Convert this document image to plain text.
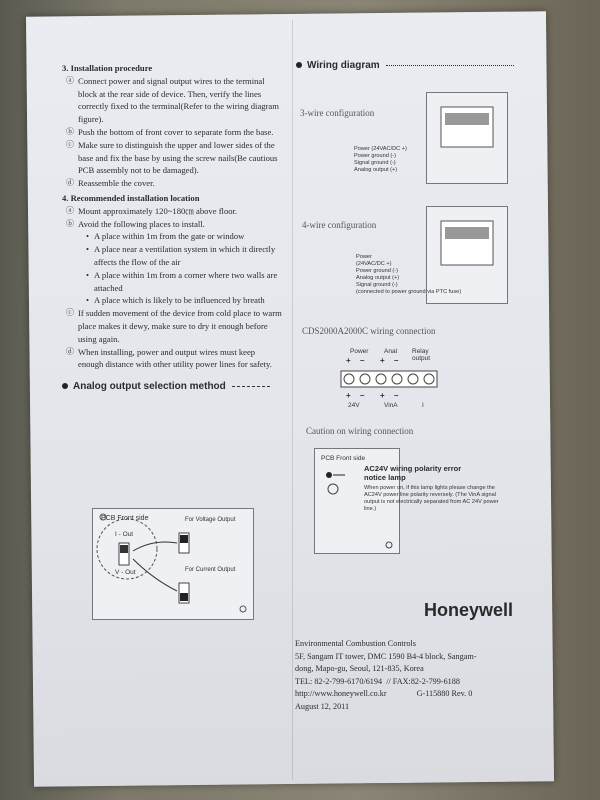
3. Installation procedure
ⓐ Connect power and signal output wires to the terminal block at the rear side of device. Then, verify the lines correctly fixed to the terminal(Refer to the wiring diagram figure).
ⓑ Push the bottom of front cover to separate form the base.
ⓒ Make sure to distinguish the upper and lower sides of the base and fix the base by using the screw nails(Be cautious PCB assembly not to be damaged).
ⓓ Reassemble the cover.
4. Recommended installation location
ⓐ Mount approximately 120~180㎝ above floor.
ⓑ Avoid the following places to install.
• A place within 1m from the gate or window
• A place near a ventilation system in which it directly affects the flow of the air
• A place within 1m from a corner where two walls are attached
• A place which is likely to be influenced by breath
ⓒ If sudden movement of the device from cold place to warm place makes it dewy, make sure to dry it enough before using again.
ⓓ When installing, power and output wires must keep enough distance with other utility power lines for safety.
Analog output selection method
PCB Front side
I - Out
V - Out
For Voltage Output
For Current Output
Wiring diagram
3-wire configuration
Power (24VAC/DC +)
Power ground (-)
Signal ground (-)
Analog output (+)
4-wire configuration
Power
(24VAC/DC +)
Power ground (-)
Analog output (+)
Signal ground (-)
(connected to power ground via PTC fuse)
CDS2000A2000C wiring connection
Power Anal Relay output
+ – + –
+ – + –
24V	VinA	I
Caution on wiring connection
PCB Front side
AC24V wiring polarity error
notice lamp
When power on, if this lamp lights please change the AC24V power line polarity reversely. (The VinA signal output is not electrically separated from AC 24V power line.)
Honeywell
Environmental Combustion Controls
5F, Sangam IT tower, DMC 1590 B4-4 block, Sangam-
dong, Mapo-gu, Seoul, 121-835, Korea
TEL: 82-2-799-6170/6194 // FAX:82-2-799-6188
http://www.honeywell.co.kr	G-115880 Rev. 0
August 12, 2011
